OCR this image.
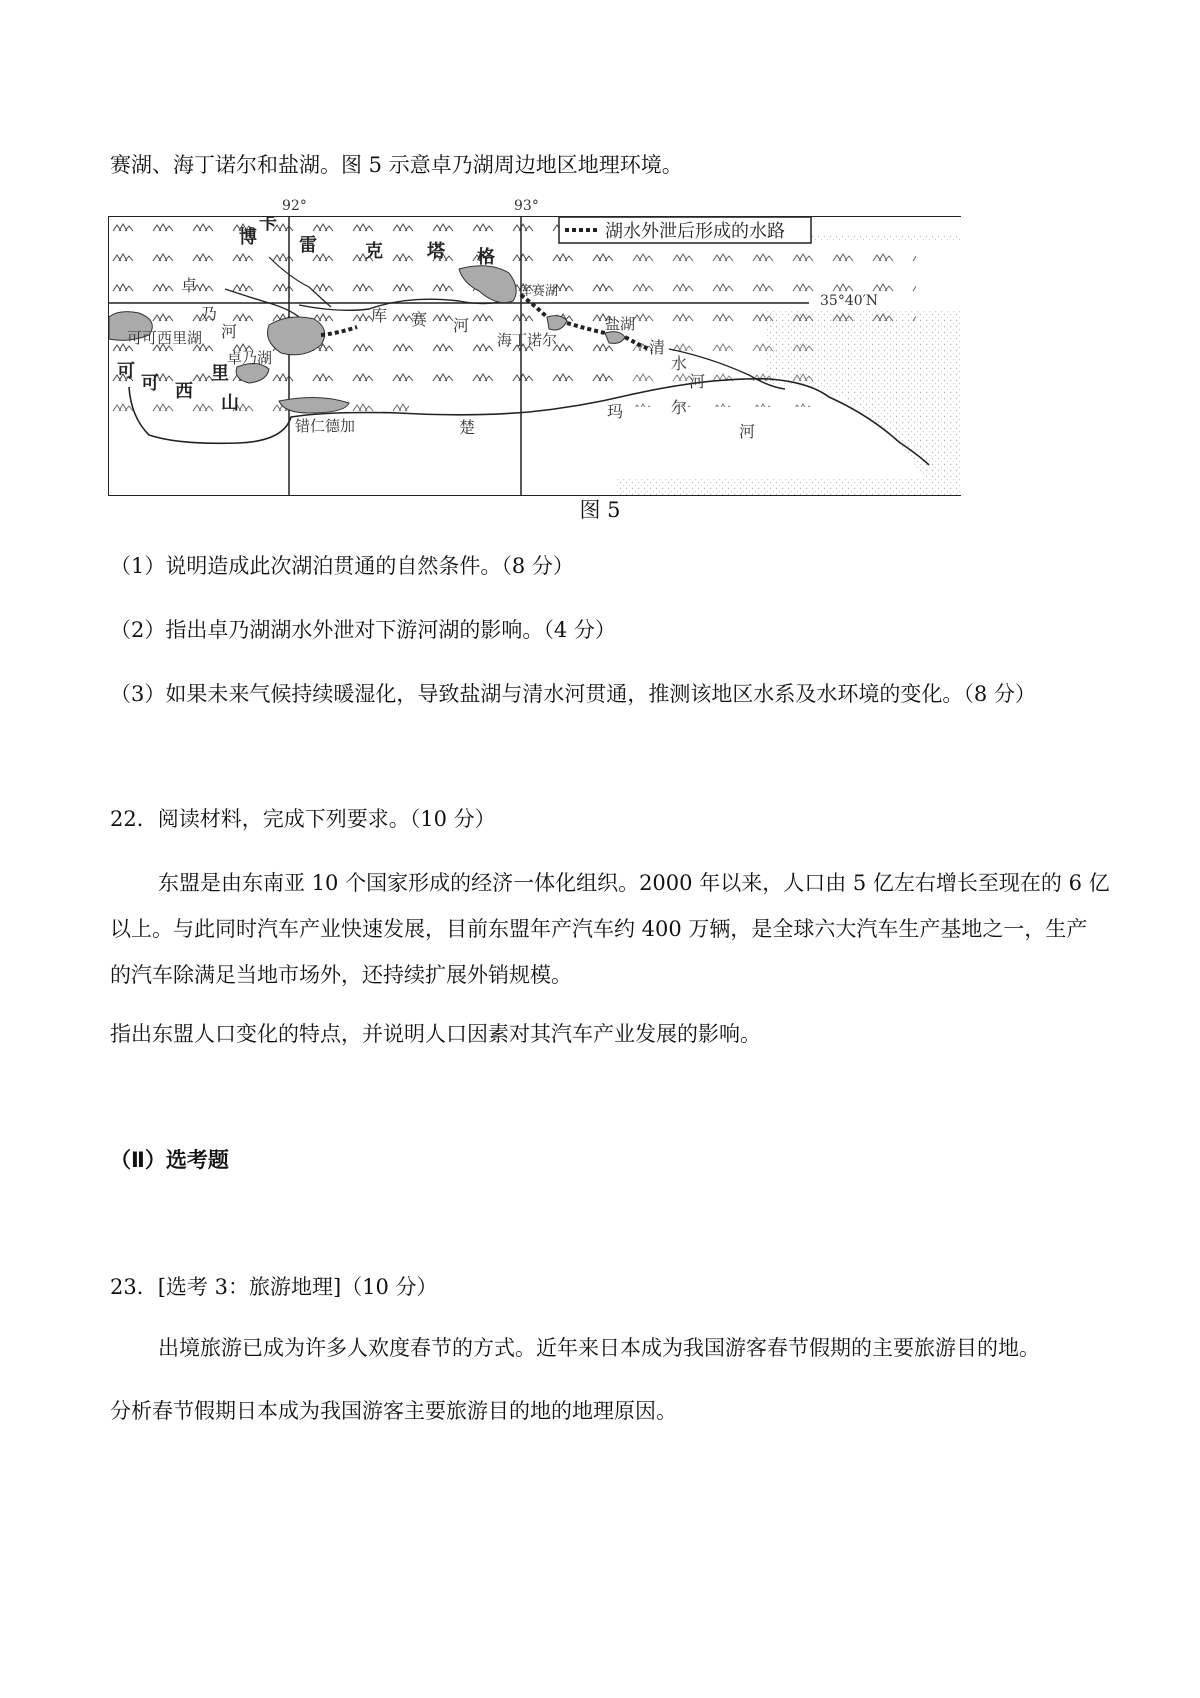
赛湖、海丁诺尔和盐湖。图 5 示意卓乃湖周边地区地理环境。
湖水外泄后形成的水路
博
卡
雷	克 塔 格
可
可 西
里
山
卓
乃
河
库 赛 河
清
水
河
楚
玛	尔
河
可可西里湖
卓乃湖
库赛湖
海丁诺尔
盐湖
错仁德加
92°	93°
35°40′N
图 5
（1）说明造成此次湖泊贯通的自然条件。（8 分）
（2）指出卓乃湖湖水外泄对下游河湖的影响。（4 分）
（3）如果未来气候持续暖湿化，导致盐湖与清水河贯通，推测该地区水系及水环境的变化。（8 分）
22．阅读材料，完成下列要求。（10 分）
东盟是由东南亚 10 个国家形成的经济一体化组织。2000 年以来，人口由 5 亿左右增长至现在的 6 亿
以上。与此同时汽车产业快速发展，目前东盟年产汽车约 400 万辆，是全球六大汽车生产基地之一，生产
的汽车除满足当地市场外，还持续扩展外销规模。
指出东盟人口变化的特点，并说明人口因素对其汽车产业发展的影响。
（Ⅱ）选考题
23．[选考 3：旅游地理]（10 分）
出境旅游已成为许多人欢度春节的方式。近年来日本成为我国游客春节假期的主要旅游目的地。
分析春节假期日本成为我国游客主要旅游目的地的地理原因。
